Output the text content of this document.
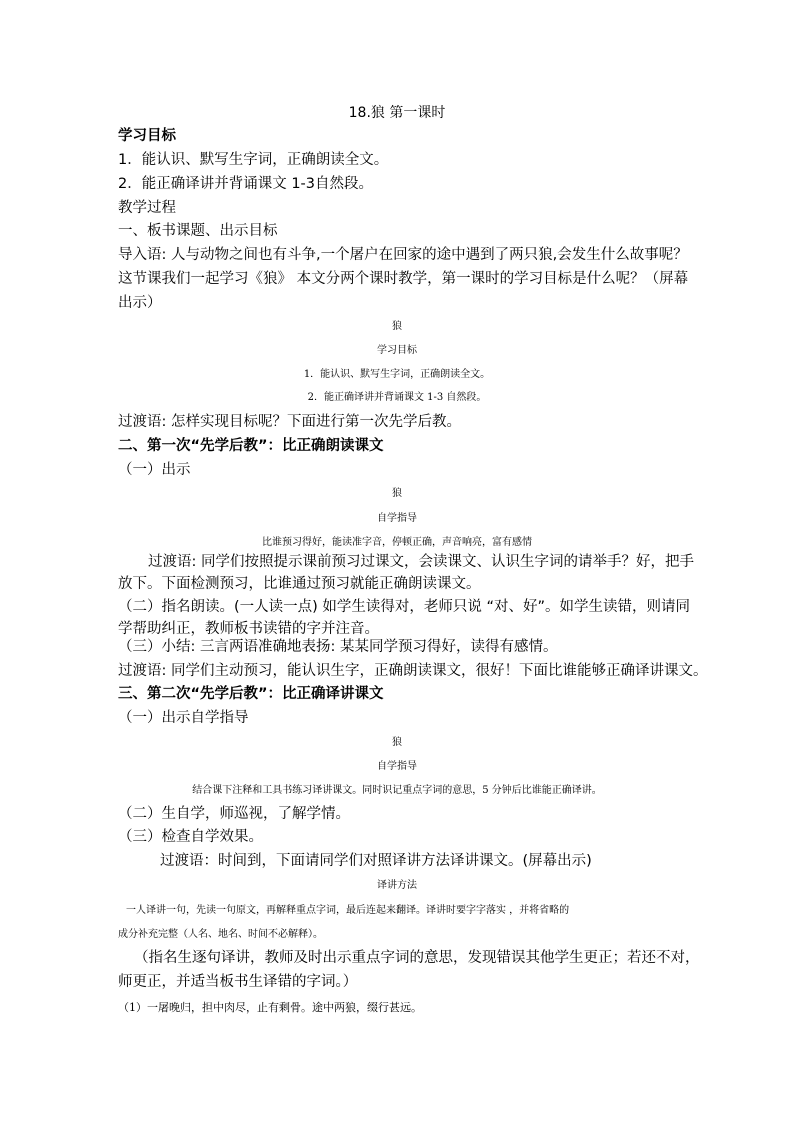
18.狼 第一课时
学习目标
1．能认识、默写生字词，正确朗读全文。
2．能正确译讲并背诵课文 1-3自然段。
教学过程
一、板书课题、出示目标
导入语: 人与动物之间也有斗争,一个屠户在回家的途中遇到了两只狼,会发生什么故事呢？
这节课我们一起学习《狼》 本文分两个课时教学，第一课时的学习目标是什么呢？（屏幕
出示）
狼
学习目标
1．能认识、默写生字词，正确朗读全文。
2．能正确译讲并背诵课文 1-3 自然段。
过渡语: 怎样实现目标呢？下面进行第一次先学后教。
二、第一次“先学后教”：比正确朗读课文
（一）出示
狼
自学指导
比谁预习得好，能读准字音，停顿正确，声音响亮，富有感情
过渡语: 同学们按照提示课前预习过课文，会读课文、认识生字词的请举手？好，把手
放下。下面检测预习，比谁通过预习就能正确朗读课文。
（二）指名朗读。(一人读一点) 如学生读得对，老师只说 “对、好”。如学生读错，则请同
学帮助纠正，教师板书读错的字并注音。
（三）小结: 三言两语准确地表扬: 某某同学预习得好，读得有感情。
过渡语: 同学们主动预习，能认识生字，正确朗读课文，很好！下面比谁能够正确译讲课文。
三、第二次“先学后教”：比正确译讲课文
（一）出示自学指导
狼
自学指导
结合课下注释和工具书练习译讲课文。同时识记重点字词的意思，5 分钟后比谁能正确译讲。
（二）生自学，师巡视，了解学情。
（三）检查自学效果。
过渡语：时间到，下面请同学们对照译讲方法译讲课文。(屏幕出示)
译讲方法
一人译讲一句，先读一句原文，再解释重点字词，最后连起来翻译。译讲时要字字落实 ，并将省略的
成分补充完整（人名、地名、时间不必解释）。
（指名生逐句译讲，教师及时出示重点字词的意思，发现错误其他学生更正；若还不对，
师更正，并适当板书生译错的字词。）
（1）一屠晚归，担中肉尽，止有剩骨。途中两狼，缀行甚远。
